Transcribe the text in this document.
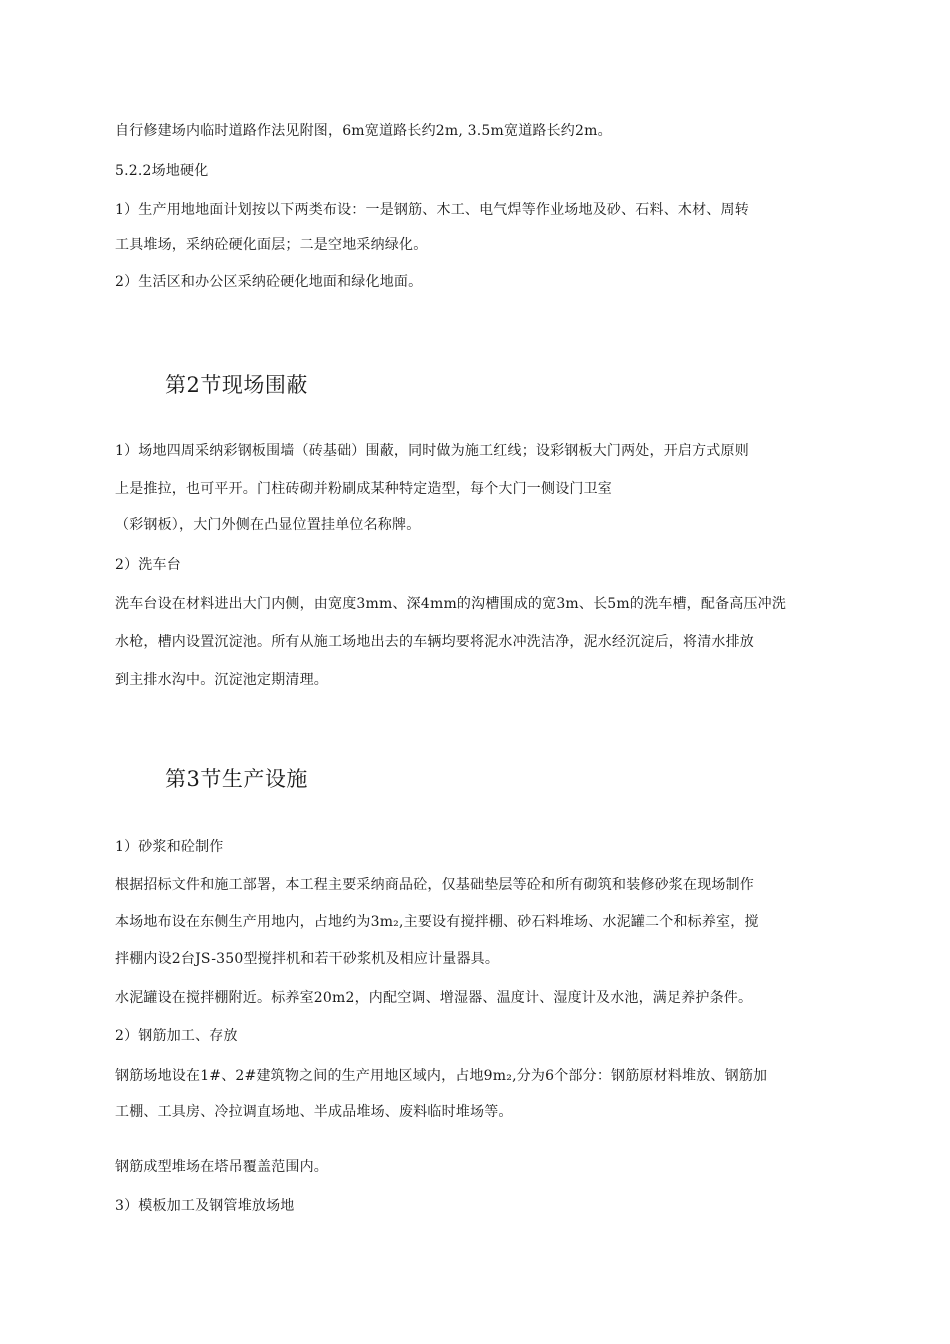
自行修建场内临时道路作法见附图，6m宽道路长约2m, 3.5m宽道路长约2m。
5.2.2场地硬化
1）生产用地地面计划按以下两类布设：一是钢筋、木工、电气焊等作业场地及砂、石料、木材、周转
工具堆场，采纳砼硬化面层；二是空地采纳绿化。
2）生活区和办公区采纳砼硬化地面和绿化地面。
第2节现场围蔽
1）场地四周采纳彩钢板围墙（砖基础）围蔽，同时做为施工红线；设彩钢板大门两处，开启方式原则
上是推拉，也可平开。门柱砖砌并粉刷成某种特定造型，每个大门一侧设门卫室
（彩钢板），大门外侧在凸显位置挂单位名称牌。
2）洗车台
洗车台设在材料进出大门内侧，由宽度3mm、深4mm的沟槽围成的宽3m、长5m的洗车槽，配备高压冲洗
水枪，槽内设置沉淀池。所有从施工场地出去的车辆均要将泥水冲洗洁净，泥水经沉淀后，将清水排放
到主排水沟中。沉淀池定期清理。
第3节生产设施
1）砂浆和砼制作
根据招标文件和施工部署，本工程主要采纳商品砼，仅基础垫层等砼和所有砌筑和装修砂浆在现场制作
本场地布设在东侧生产用地内，占地约为3m₂,主要设有搅拌棚、砂石料堆场、水泥罐二个和标养室，搅
拌棚内设2台JS-350型搅拌机和若干砂浆机及相应计量器具。
水泥罐设在搅拌棚附近。标养室20m2，内配空调、增湿器、温度计、湿度计及水池，满足养护条件。
2）钢筋加工、存放
钢筋场地设在1#、2#建筑物之间的生产用地区域内，占地9m₂,分为6个部分：钢筋原材料堆放、钢筋加
工棚、工具房、冷拉调直场地、半成品堆场、废料临时堆场等。
钢筋成型堆场在塔吊覆盖范围内。
3）模板加工及钢管堆放场地
